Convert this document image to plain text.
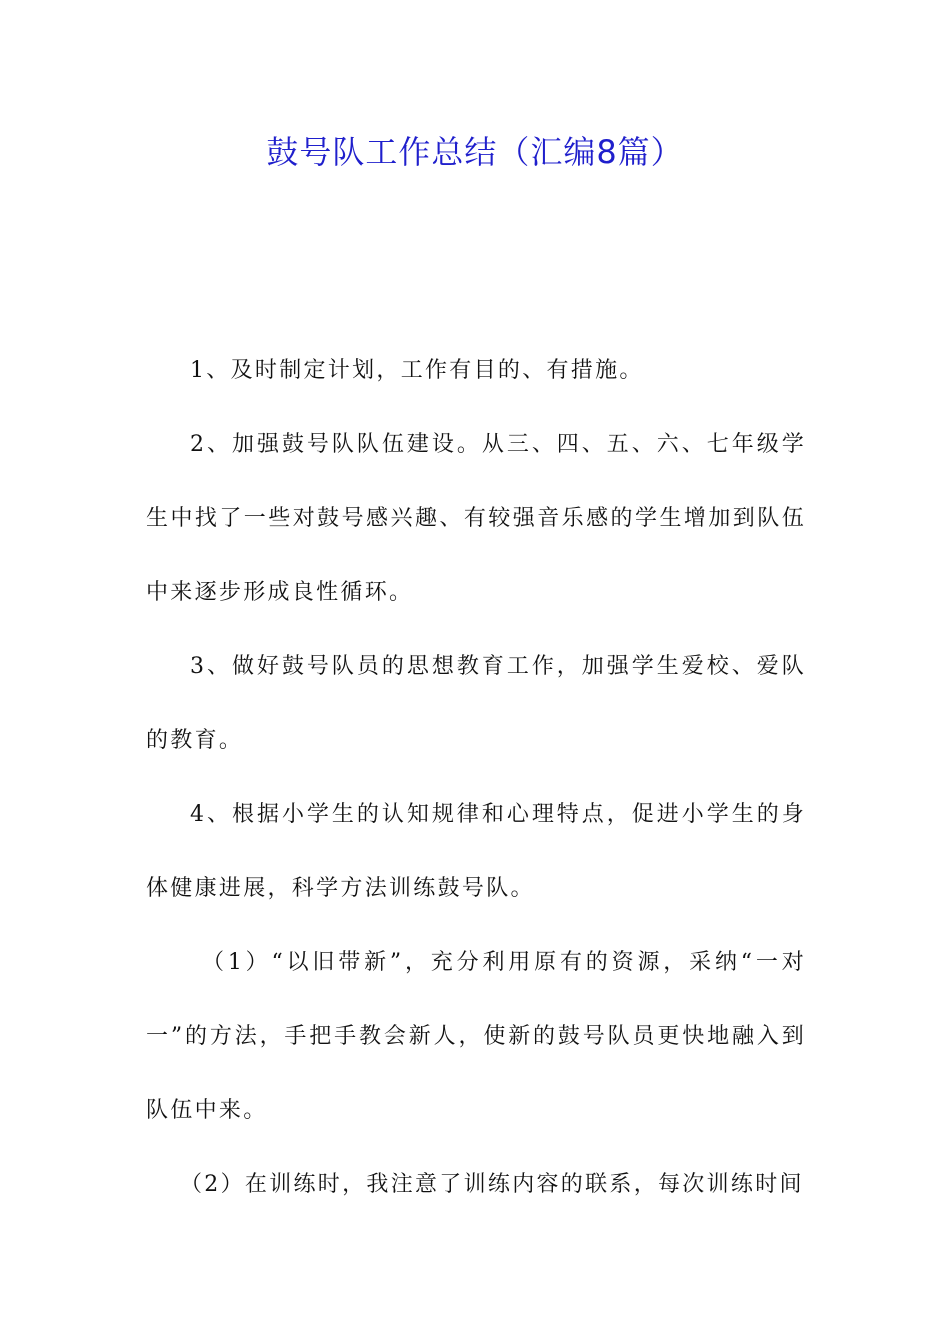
鼓号队工作总结（汇编8篇）

1、及时制定计划，工作有目的、有措施。

2、加强鼓号队队伍建设。从三、四、五、六、七年级学生中找了一些对鼓号感兴趣、有较强音乐感的学生增加到队伍中来逐步形成良性循环。

3、做好鼓号队员的思想教育工作，加强学生爱校、爱队的教育。

4、根据小学生的认知规律和心理特点，促进小学生的身体健康进展，科学方法训练鼓号队。

（1）“以旧带新”，充分利用原有的资源，采纳“一对一”的方法，手把手教会新人，使新的鼓号队员更快地融入到队伍中来。

（2）在训练时，我注意了训练内容的联系，每次训练时间
